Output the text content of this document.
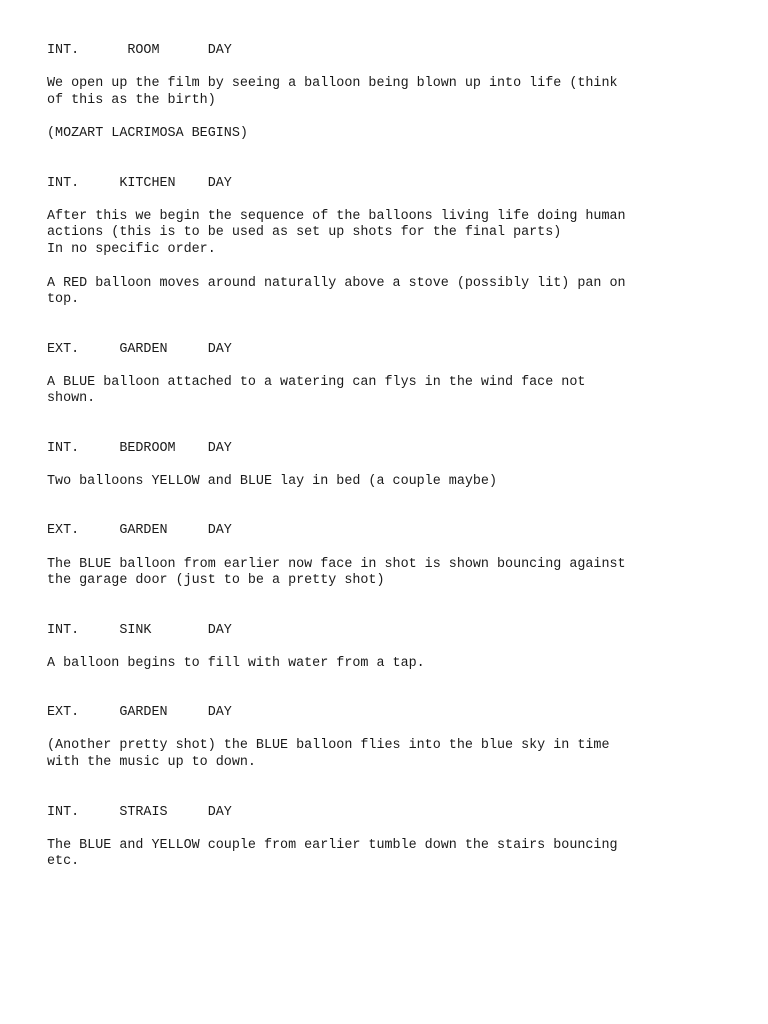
INT.      ROOM      DAY
We open up the film by seeing a balloon being blown up into life (think
of this as the birth)
(MOZART LACRIMOSA BEGINS)
INT.     KITCHEN    DAY
After this we begin the sequence of the balloons living life doing human
actions (this is to be used as set up shots for the final parts)
In no specific order.
A RED balloon moves around naturally above a stove (possibly lit) pan on
top.
EXT.     GARDEN     DAY
A BLUE balloon attached to a watering can flys in the wind face not
shown.
INT.     BEDROOM    DAY
Two balloons YELLOW and BLUE lay in bed (a couple maybe)
EXT.     GARDEN     DAY
The BLUE balloon from earlier now face in shot is shown bouncing against
the garage door (just to be a pretty shot)
INT.     SINK       DAY
A balloon begins to fill with water from a tap.
EXT.     GARDEN     DAY
(Another pretty shot) the BLUE balloon flies into the blue sky in time
with the music up to down.
INT.     STRAIS     DAY
The BLUE and YELLOW couple from earlier tumble down the stairs bouncing
etc.
